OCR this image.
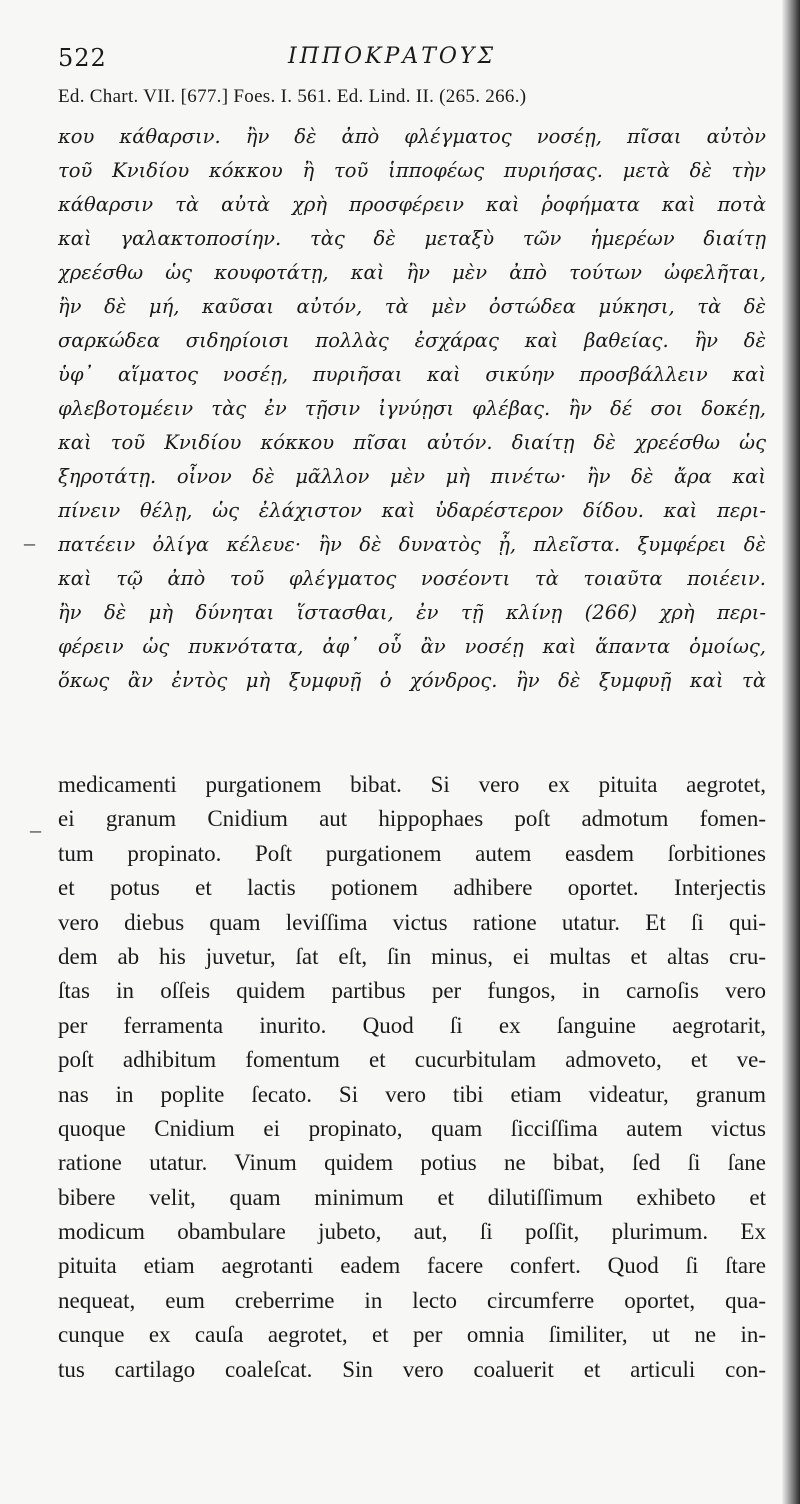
522	ΙΠΠΟΚΡΑΤΟΥΣ
Ed. Chart. VII. [677.] Foes. I. 561. Ed. Lind. II. (265. 266.)
κου κάθαρσιν. ἢν δὲ ἀπὸ φλέγματος νοσέῃ, πῖσαι αὐτὸν
τοῦ Κνιδίου κόκκου ἢ τοῦ ἱπποφέως πυριήσας. μετὰ δὲ τὴν
κάθαρσιν τὰ αὐτὰ χρὴ προσφέρειν καὶ ῥοφήματα καὶ ποτὰ
καὶ γαλακτοποσίην. τὰς δὲ μεταξὺ τῶν ἡμερέων διαίτῃ
χρεέσθω ὡς κουφοτάτῃ, καὶ ἢν μὲν ἀπὸ τούτων ὠφελῆται,
ἢν δὲ μή, καῦσαι αὐτόν, τὰ μὲν ὀστώδεα μύκησι, τὰ δὲ
σαρκώδεα σιδηρίοισι πολλὰς ἐσχάρας καὶ βαθείας. ἢν δὲ
ὑφ᾽ αἵματος νοσέῃ, πυριῆσαι καὶ σικύην προσβάλλειν καὶ
φλεβοτομέειν τὰς ἐν τῇσιν ἰγνύῃσι φλέβας. ἢν δέ σοι δοκέῃ,
καὶ τοῦ Κνιδίου κόκκου πῖσαι αὐτόν. διαίτῃ δὲ χρεέσθω ὡς
ξηροτάτῃ. οἶνον δὲ μᾶλλον μὲν μὴ πινέτω· ἢν δὲ ἄρα καὶ
πίνειν θέλῃ, ὡς ἐλάχιστον καὶ ὑδαρέστερον δίδου. καὶ περι-
πατέειν ὀλίγα κέλευε· ἢν δὲ δυνατὸς ᾖ, πλεῖστα. ξυμφέρει δὲ
καὶ τῷ ἀπὸ τοῦ φλέγματος νοσέοντι τὰ τοιαῦτα ποιέειν.
ἢν δὲ μὴ δύνηται ἵστασθαι, ἐν τῇ κλίνῃ (266) χρὴ περι-
φέρειν ὡς πυκνότατα, ἀφ᾽ οὗ ἂν νοσέῃ καὶ ἅπαντα ὁμοίως,
ὅκως ἂν ἐντὸς μὴ ξυμφυῇ ὁ χόνδρος. ἢν δὲ ξυμφυῇ καὶ τὰ
–
medicamenti purgationem bibat. Si vero ex pituita aegrotet,
ei granum Cnidium aut hippophaes poſt admotum fomen-
tum propinato. Poſt purgationem autem easdem ſorbitiones
et potus et lactis potionem adhibere oportet. Interjectis
vero diebus quam leviſſima victus ratione utatur. Et ſi qui-
dem ab his juvetur, ſat eſt, ſin minus, ei multas et altas cru-
ſtas in oſſeis quidem partibus per fungos, in carnoſis vero
per ferramenta inurito. Quod ſi ex ſanguine aegrotarit,
poſt adhibitum fomentum et cucurbitulam admoveto, et ve-
nas in poplite ſecato. Si vero tibi etiam videatur, granum
quoque Cnidium ei propinato, quam ſicciſſima autem victus
ratione utatur. Vinum quidem potius ne bibat, ſed ſi ſane
bibere velit, quam minimum et dilutiſſimum exhibeto et
modicum obambulare jubeto, aut, ſi poſſit, plurimum. Ex
pituita etiam aegrotanti eadem facere confert. Quod ſi ſtare
nequeat, eum creberrime in lecto circumferre oportet, qua-
cunque ex cauſa aegrotet, et per omnia ſimiliter, ut ne in-
tus cartilago coaleſcat. Sin vero coaluerit et articuli con-
–
